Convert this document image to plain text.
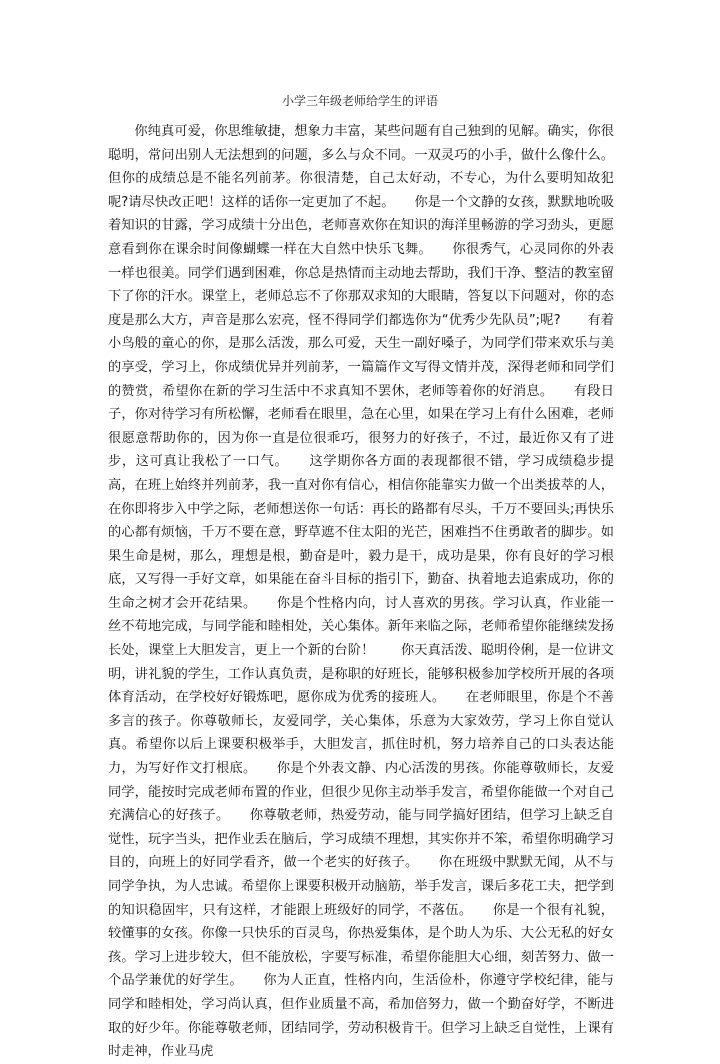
小学三年级老师给学生的评语

你纯真可爱，你思维敏捷，想象力丰富，某些问题有自己独到的见解。确实，你很聪明，常问出别人无法想到的问题，多么与众不同。一双灵巧的小手，做什么像什么。但你的成绩总是不能名列前茅。你很清楚，自己太好动，不专心，为什么要明知故犯呢?请尽快改正吧！这样的话你一定更加了不起。　　你是一个文静的女孩，默默地吮吸着知识的甘露，学习成绩十分出色，老师喜欢你在知识的海洋里畅游的学习劲头，更愿意看到你在课余时间像蝴蝶一样在大自然中快乐飞舞。　　你很秀气，心灵同你的外表一样也很美。同学们遇到困难，你总是热情而主动地去帮助，我们干净、整洁的教室留下了你的汗水。课堂上，老师总忘不了你那双求知的大眼睛，答复以下问题对，你的态度是那么大方，声音是那么宏亮，怪不得同学们都选你为“优秀少先队员”;呢?　　有着小鸟般的童心的你，是那么活泼，那么可爱，天生一副好嗓子，为同学们带来欢乐与美的享受，学习上，你成绩优异并列前茅，一篇篇作文写得文情并茂，深得老师和同学们的赞赏，希望你在新的学习生活中不求真知不罢休，老师等着你的好消息。　　有段日子，你对待学习有所松懈，老师看在眼里，急在心里，如果在学习上有什么困难，老师很愿意帮助你的，因为你一直是位很乖巧，很努力的好孩子，不过，最近你又有了进步，这可真让我松了一口气。　　这学期你各方面的表现都很不错，学习成绩稳步提高，在班上始终并列前茅，我一直对你有信心，相信你能靠实力做一个出类拔萃的人，在你即将步入中学之际，老师想送你一句话：再长的路都有尽头，千万不要回头;再快乐的心都有烦恼，千万不要在意，野草遮不住太阳的光芒，困难挡不住勇敢者的脚步。如果生命是树，那么，理想是根，勤奋是叶，毅力是干，成功是果，你有良好的学习根底，又写得一手好文章，如果能在奋斗目标的指引下，勤奋、执着地去追索成功，你的生命之树才会开花结果。　　你是个性格内向，讨人喜欢的男孩。学习认真，作业能一丝不苟地完成，与同学能和睦相处，关心集体。新年来临之际，老师希望你能继续发扬长处，课堂上大胆发言，更上一个新的台阶！　　你天真活泼、聪明伶俐，是一位讲文明，讲礼貌的学生，工作认真负责，是称职的好班长，能够积极参加学校所开展的各项体育活动，在学校好好锻炼吧，愿你成为优秀的接班人。　　在老师眼里，你是个不善多言的孩子。你尊敬师长，友爱同学，关心集体，乐意为大家效劳，学习上你自觉认真。希望你以后上课要积极举手，大胆发言，抓住时机，努力培养自己的口头表达能力，为写好作文打根底。　　你是个外表文静、内心活泼的男孩。你能尊敬师长，友爱同学，能按时完成老师布置的作业，但很少见你主动举手发言，希望你能做一个对自己充满信心的好孩子。　　你尊敬老师，热爱劳动，能与同学搞好团结，但学习上缺乏自觉性，玩字当头，把作业丢在脑后，学习成绩不理想，其实你并不笨，希望你明确学习目的，向班上的好同学看齐，做一个老实的好孩子。　　你在班级中默默无闻，从不与同学争执，为人忠诚。希望你上课要积极开动脑筋，举手发言，课后多花工夫，把学到的知识稳固牢，只有这样，才能跟上班级好的同学，不落伍。　　你是一个很有礼貌，较懂事的女孩。你像一只快乐的百灵鸟，你热爱集体，是个助人为乐、大公无私的好女孩。学习上进步较大，但不能放松，字要写标准，希望你能胆大心细，刻苦努力、做一个品学兼优的好学生。　　你为人正直，性格内向，生活俭朴，你遵守学校纪律，能与同学和睦相处，学习尚认真，但作业质量不高，希加倍努力，做一个勤奋好学，不断进取的好少年。你能尊敬老师，团结同学，劳动积极肯干。但学习上缺乏自觉性，上课有时走神，作业马虎
